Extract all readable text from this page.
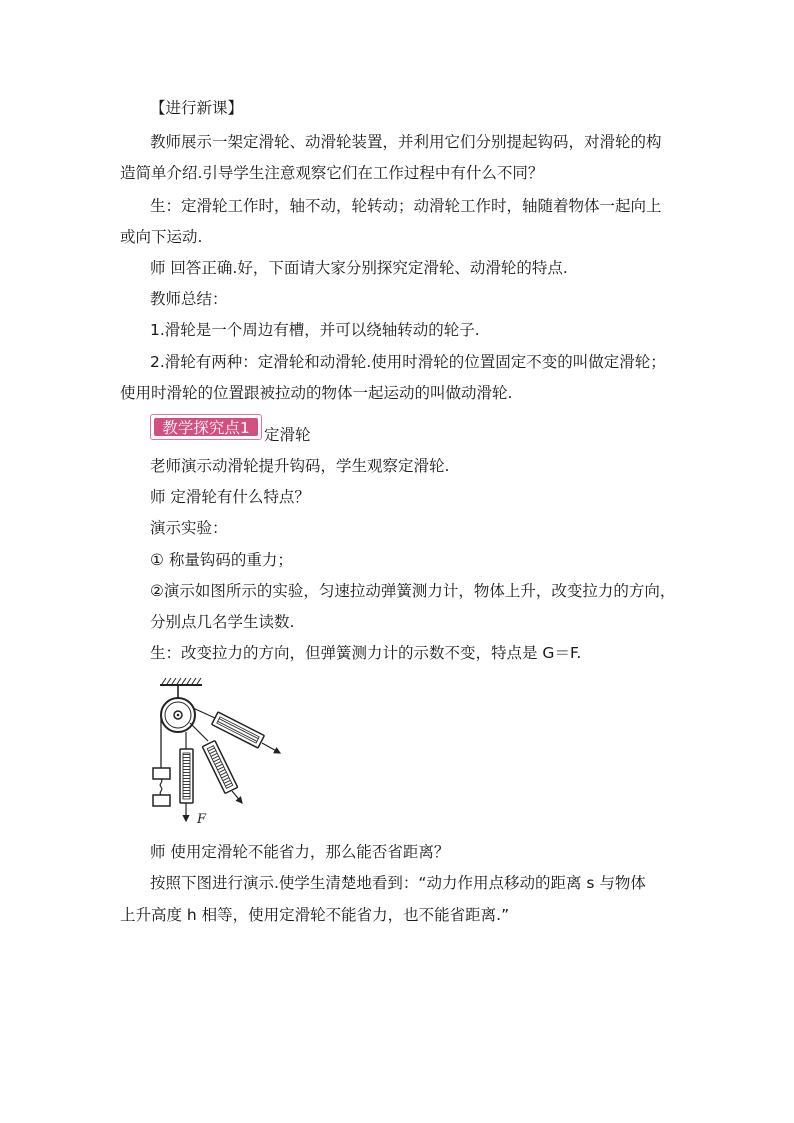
【进行新课】
教师展示一架定滑轮、动滑轮装置，并利用它们分别提起钩码，对滑轮的构
造简单介绍.引导学生注意观察它们在工作过程中有什么不同？
生：定滑轮工作时，轴不动，轮转动；动滑轮工作时，轴随着物体一起向上
或向下运动.
师 回答正确.好，下面请大家分别探究定滑轮、动滑轮的特点.
教师总结：
1.滑轮是一个周边有槽，并可以绕轴转动的轮子.
2.滑轮有两种：定滑轮和动滑轮.使用时滑轮的位置固定不变的叫做定滑轮；
使用时滑轮的位置跟被拉动的物体一起运动的叫做动滑轮.
教学探究点1 定滑轮
老师演示动滑轮提升钩码，学生观察定滑轮.
师 定滑轮有什么特点？
演示实验：
① 称量钩码的重力；
②演示如图所示的实验，匀速拉动弹簧测力计，物体上升，改变拉力的方向，
分别点几名学生读数.
生：改变拉力的方向，但弹簧测力计的示数不变，特点是 G＝F.
F
师 使用定滑轮不能省力，那么能否省距离？
按照下图进行演示.使学生清楚地看到：“动力作用点移动的距离 s 与物体
上升高度 h 相等，使用定滑轮不能省力，也不能省距离.”
